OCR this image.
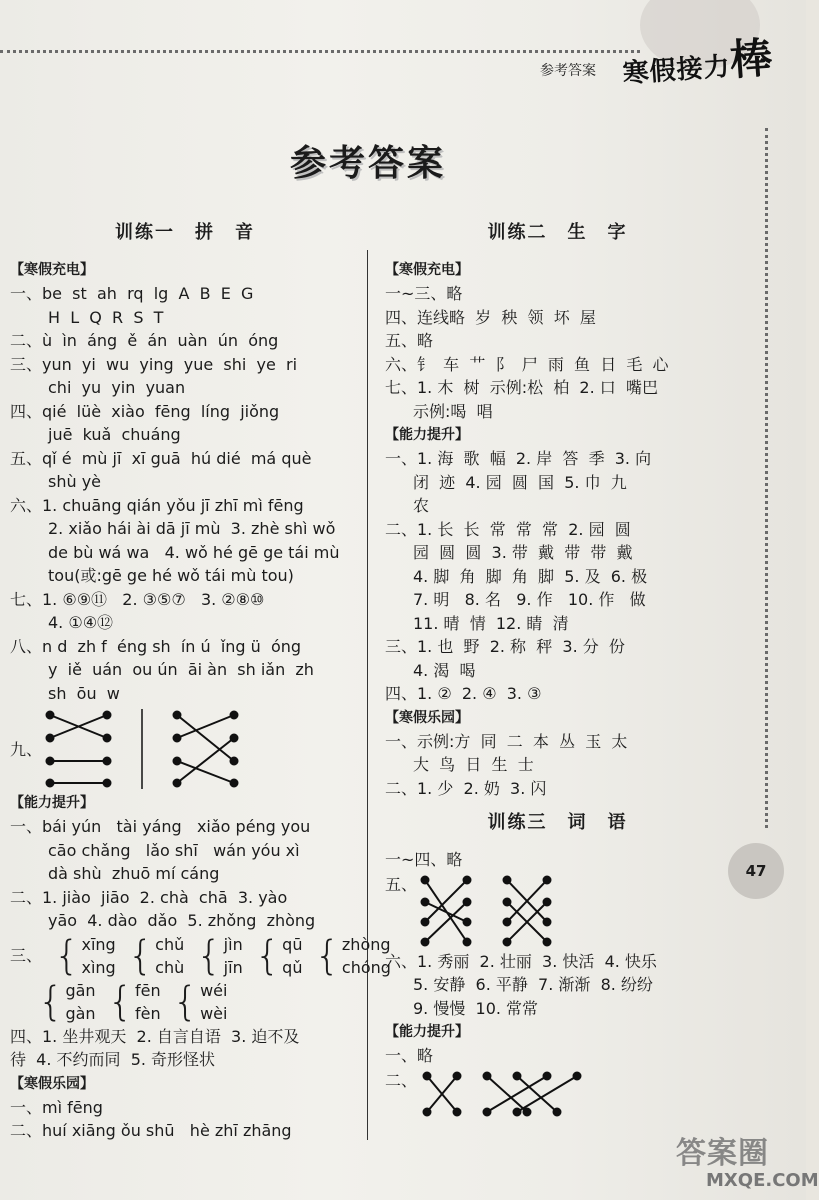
参考答案 寒假接力棒
参考答案

训练一　拼　音

【寒假充电】

一、be  st  ah  rq  lg  A  B  E  G

H  L  Q  R  S  T

二、ù  ìn  áng  ě  án  uàn  ún  óng

三、yun  yi  wu  ying  yue  shi  ye  ri

chi  yu  yin  yuan

四、qié  lüè  xiào  fēng  líng  jiǒng

juē  kuǎ  chuáng

五、qǐ é  mù jī  xī guā  hú dié  má què

shù yè

六、1. chuāng qián yǒu jī zhī mì fēng

2. xiǎo hái ài dā jī mù  3. zhè shì wǒ

de bù wá wa   4. wǒ hé gē ge tái mù

tou(或:gē ge hé wǒ tái mù tou)

七、1. ⑥⑨⑪   2. ③⑤⑦   3. ②⑧⑩

4. ①④⑫

八、n d  zh f  éng sh  ín ú  ǐng ü  óng

y  iě  uán  ou ún  āi àn  sh iǎn  zh

sh  ōu  w

九、

【能力提升】

一、bái yún   tài yáng   xiǎo péng you

cāo chǎng   lǎo shī   wán yóu xì

dà shù  zhuō mí cáng

二、1. jiào  jiāo  2. chà  chā  3. yào

yāo  4. dào  dǎo  5. zhǒng  zhòng

三、 { xīng
xìng { chǔ
chù { jìn
jīn { qū
qǔ { zhòng
chóng
{ gān
gàn { fēn
fèn { wéi
wèi

四、1. 坐井观天  2. 自言自语  3. 迫不及

待  4. 不约而同  5. 奇形怪状

【寒假乐园】

一、mì fēng

二、huí xiāng ǒu shū   hè zhī zhāng

训练二　生　字

【寒假充电】

一~三、略

四、连线略  岁  秧  领  坏  屋

五、略

六、钅  车  艹  阝  尸  雨  鱼  日  毛  心

七、1. 木  树  示例:松  柏  2. 口  嘴巴

示例:喝  唱

【能力提升】

一、1. 海  歌  幅  2. 岸  答  季  3. 向

闭  迹  4. 园  圆  国  5. 巾  九

农

二、1. 长  长  常  常  常  2. 园  圆

园  圆  圆  3. 带  戴  带  带  戴

4. 脚  角  脚  角  脚  5. 及  6. 极

7. 明   8. 名   9. 作   10. 作   做

11. 晴  情  12. 睛  清

三、1. 也  野  2. 称  秤  3. 分  份

4. 渴  喝

四、1. ②  2. ④  3. ③

【寒假乐园】

一、示例:方  同  二  本  丛  玉  太

大  鸟  日  生  士

二、1. 少  2. 奶  3. 闪

训练三　词　语

一~四、略

五、

六、1. 秀丽  2. 壮丽  3. 快活  4. 快乐

5. 安静  6. 平静  7. 渐渐  8. 纷纷

9. 慢慢  10. 常常

【能力提升】

一、略

二、
47
答案圈
MXQE.COM
